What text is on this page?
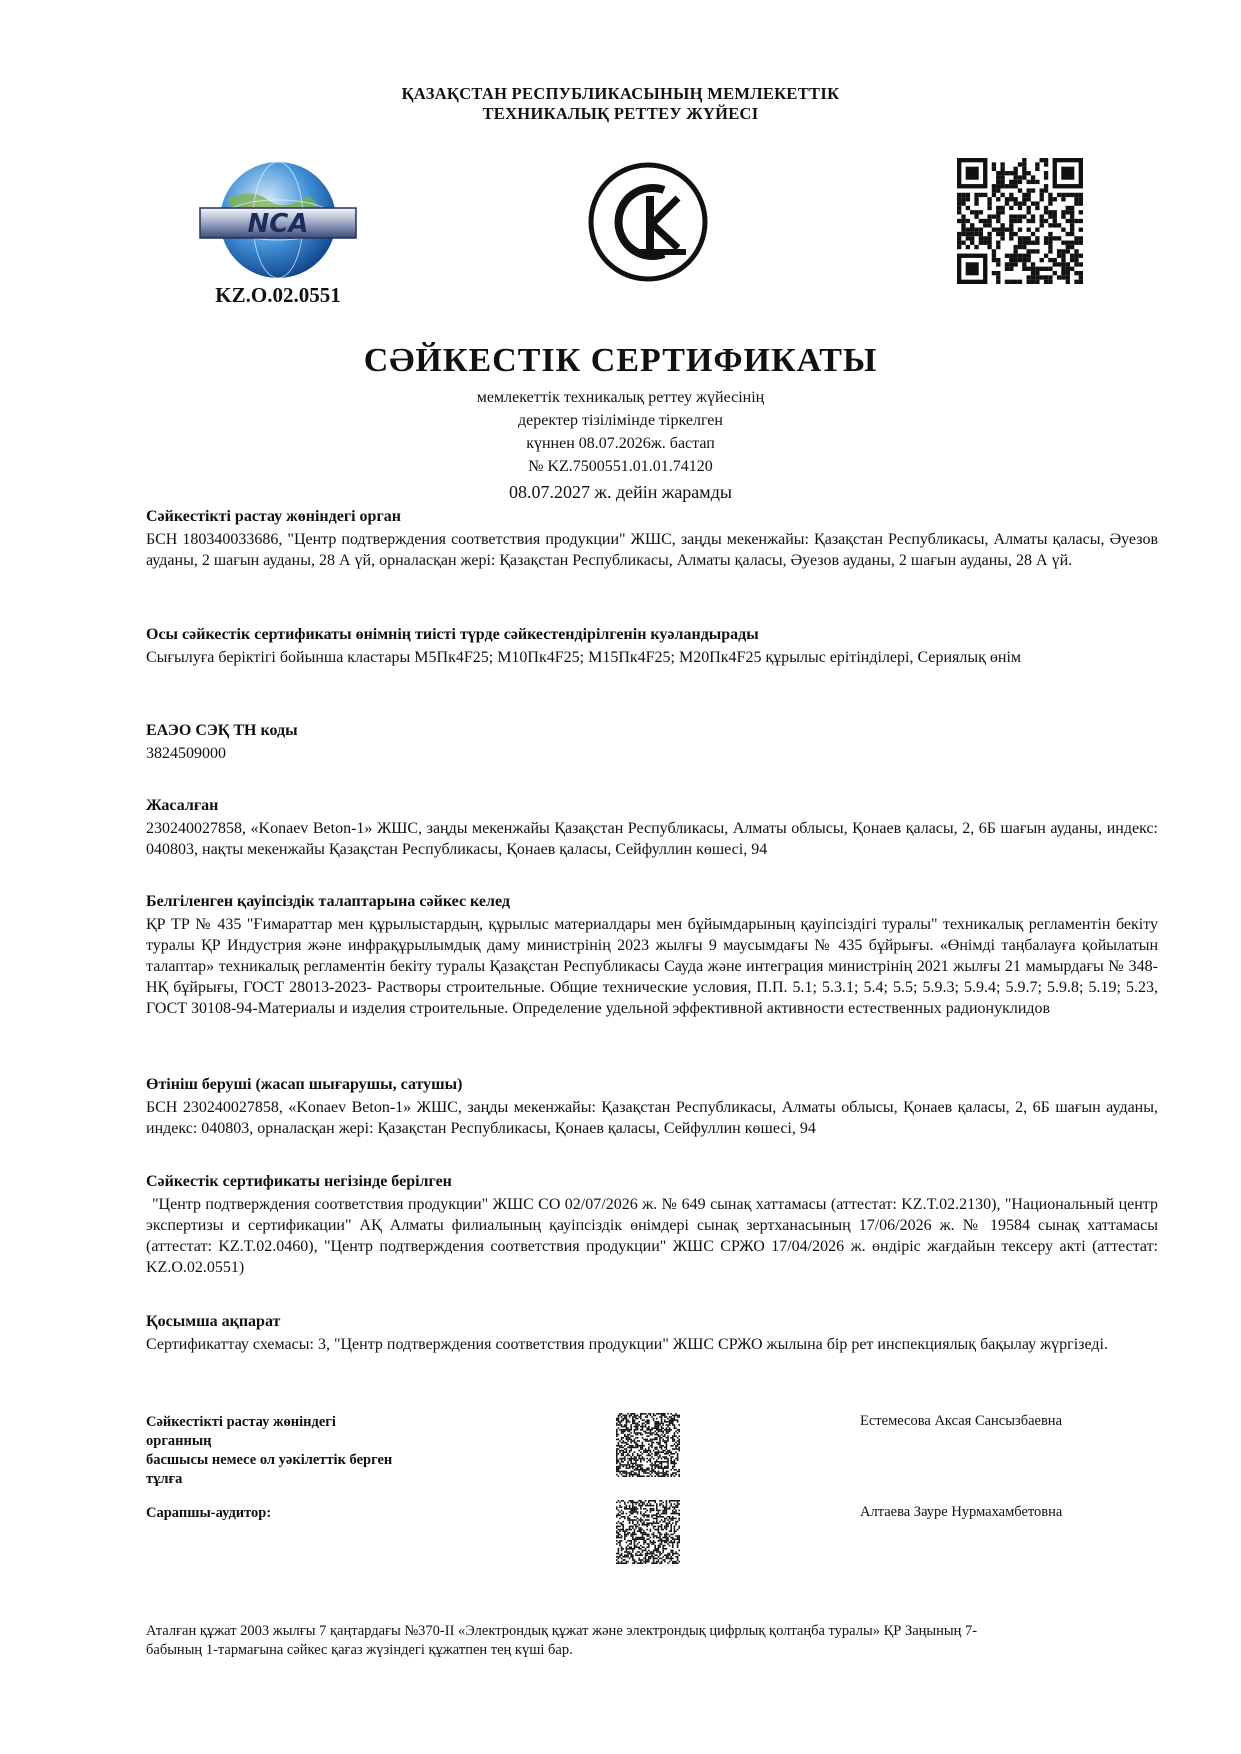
ҚАЗАҚСТАН РЕСПУБЛИКАСЫНЫҢ МЕМЛЕКЕТТІК
ТЕХНИКАЛЫҚ РЕТТЕУ ЖҮЙЕСІ
NCA
KZ.O.02.0551
СӘЙКЕСТІК СЕРТИФИКАТЫ
мемлекеттік техникалық реттеу жүйесінің
деректер тізілімінде тіркелген
күннен 08.07.2026ж. бастап
№ KZ.7500551.01.01.74120
08.07.2027 ж. дейін жарамды
Сәйкестікті растау жөніндегі орган

БСН 180340033686, "Центр подтверждения соответствия продукции" ЖШС, заңды мекенжайы: Қазақстан Республикасы, Алматы қаласы, Әуезов ауданы, 2 шағын ауданы, 28 А үй, орналасқан жері: Қазақстан Республикасы, Алматы қаласы, Әуезов ауданы, 2 шағын ауданы, 28 А үй.

Осы сәйкестік сертификаты өнімнің тиісті түрде сәйкестендірілгенін куәландырады

Сығылуға беріктігі бойынша кластары М5Пк4F25; М10Пк4F25; М15Пк4F25; М20Пк4F25 құрылыс ерітінділері, Сериялық өнім

ЕАЭО СЭҚ ТН коды

3824509000

Жасалған

230240027858, «Konaev Beton-1» ЖШС, заңды мекенжайы Қазақстан Республикасы, Алматы облысы, Қонаев қаласы, 2, 6Б шағын ауданы, индекс: 040803, нақты мекенжайы Қазақстан Республикасы, Қонаев қаласы, Сейфуллин көшесі, 94

Белгіленген қауіпсіздік талаптарына сәйкес келед

ҚР ТР № 435 "Ғимараттар мен құрылыстардың, құрылыс материалдары мен бұйымдарының қауіпсіздігі туралы" техникалық регламентін бекіту туралы ҚР Индустрия және инфрақұрылымдық даму министрінің 2023 жылғы 9 маусымдағы № 435 бұйрығы. «Өнімді таңбалауға қойылатын талаптар» техникалық регламентін бекіту туралы Қазақстан Республикасы Сауда және интеграция министрінің 2021 жылғы 21 мамырдағы № 348- НҚ бұйрығы, ГОСТ 28013-2023- Растворы строительные. Общие технические условия, П.П. 5.1; 5.3.1; 5.4; 5.5; 5.9.3; 5.9.4; 5.9.7; 5.9.8; 5.19; 5.23, ГОСТ 30108-94-Материалы и изделия строительные. Определение удельной эффективной активности естественных радионуклидов

Өтініш беруші (жасап шығарушы, сатушы)

БСН 230240027858, «Konaev Beton-1» ЖШС, заңды мекенжайы: Қазақстан Республикасы, Алматы облысы, Қонаев қаласы, 2, 6Б шағын ауданы, индекс: 040803, орналасқан жері: Қазақстан Республикасы, Қонаев қаласы, Сейфуллин көшесі, 94

Сәйкестік сертификаты негізінде берілген

"Центр подтверждения соответствия продукции" ЖШС СО 02/07/2026 ж. № 649 сынақ хаттамасы (аттестат: KZ.T.02.2130), "Национальный центр экспертизы и сертификации" АҚ Алматы филиалының қауіпсіздік өнімдері сынақ зертханасының 17/06/2026 ж. № 19584 сынақ хаттамасы (аттестат: KZ.T.02.0460), "Центр подтверждения соответствия продукции" ЖШС СРЖО 17/04/2026 ж. өндіріс жағдайын тексеру акті (аттестат: KZ.O.02.0551)

Қосымша ақпарат

Сертификаттау схемасы: 3, "Центр подтверждения соответствия продукции" ЖШС СРЖО жылына бір рет инспекциялық бақылау жүргізеді.

Сәйкестікті растау жөніндегі
органның
басшысы немесе ол уәкілеттік берген
тұлға
Естемесова Аксая Сансызбаевна
Сарапшы-аудитор:	Алтаева Зауре Нурмахамбетовна
Аталған құжат 2003 жылғы 7 қаңтардағы №370-II «Электрондық құжат және электрондық цифрлық қолтаңба туралы» ҚР Заңының 7-
бабының 1-тармағына сәйкес қағаз жүзіндегі құжатпен тең күші бар.
